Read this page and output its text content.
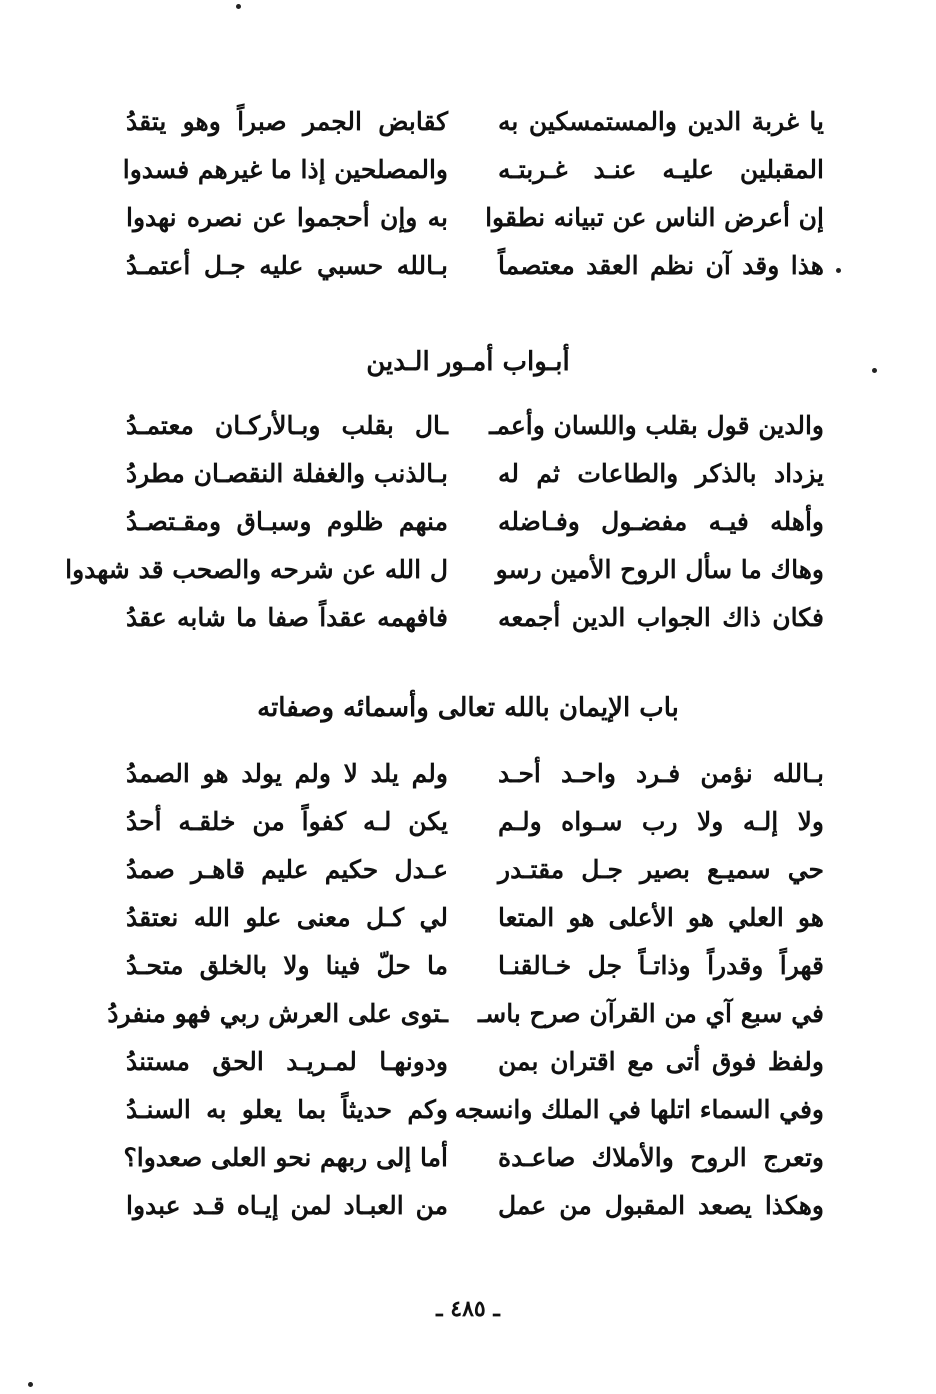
يا غربة الدين والمستمسكين به
كقابض الجمر صبراً وهو يتقدُ
المقبلين عليـه عنـد غـربتـه
والمصلحين إذا ما غيرهم فسدوا
إن أعرض الناس عن تبيانه نطقوا
به وإن أحجموا عن نصره نهدوا
هذا وقد آن نظم العقد معتصماً
بـالله حسبي عليه جـل أعتمـدُ
أبـواب أمـور الـدين
والدين قول بقلب واللسان وأعمـ
ـال بقلب وبـالأركـان معتمـدُ
يزداد بالذكر والطاعات ثم له
بـالذنب والغفلة النقصـان مطردُ
وأهله فيـه مفضـول وفـاضله
منهم ظلوم وسبـاق ومقـتصـدُ
وهاك ما سأل الروح الأمين رسو
ل الله عن شرحه والصحب قد شهدوا
فكان ذاك الجواب الدين أجمعه
فافهمه عقداً صفا ما شابه عقدُ
باب الإيمان بالله تعالى وأسمائه وصفاته
بـالله نؤمن فـرد واحـد أحـد
ولم يلد لا ولم يولد هو الصمدُ
ولا إلـه ولا رب سـواه ولـم
يكن لـه كفواً من خلقـه أحدُ
حي سميـع بصير جـل مقتـدر
عـدل حكيم عليم قاهـر صمدُ
هو العلي هو الأعلى هو المتعا
لي كـل معنى علو الله نعتقدُ
قهراً وقدراً وذاتـاً جل خـالقنـا
ما حلّ فينا ولا بالخلق متحـدُ
في سبع آي من القرآن صرح باسـ
ـتوى على العرش ربي فهو منفردُ
ولفظ فوق أتى مع اقتران بمن
ودونهـا لمـريـد الحق مستندُ
وفي السماء اتلها في الملك وانسجه
وكم حديثاً بما يعلو به السنـدُ
وتعرج الروح والأملاك صاعـدة
أما إلى ربهم نحو العلى صعدوا؟
وهكذا يصعد المقبول من عمل
من العبـاد لمن إيـاه قـد عبدوا
ـ ٤٨٥ ـ
